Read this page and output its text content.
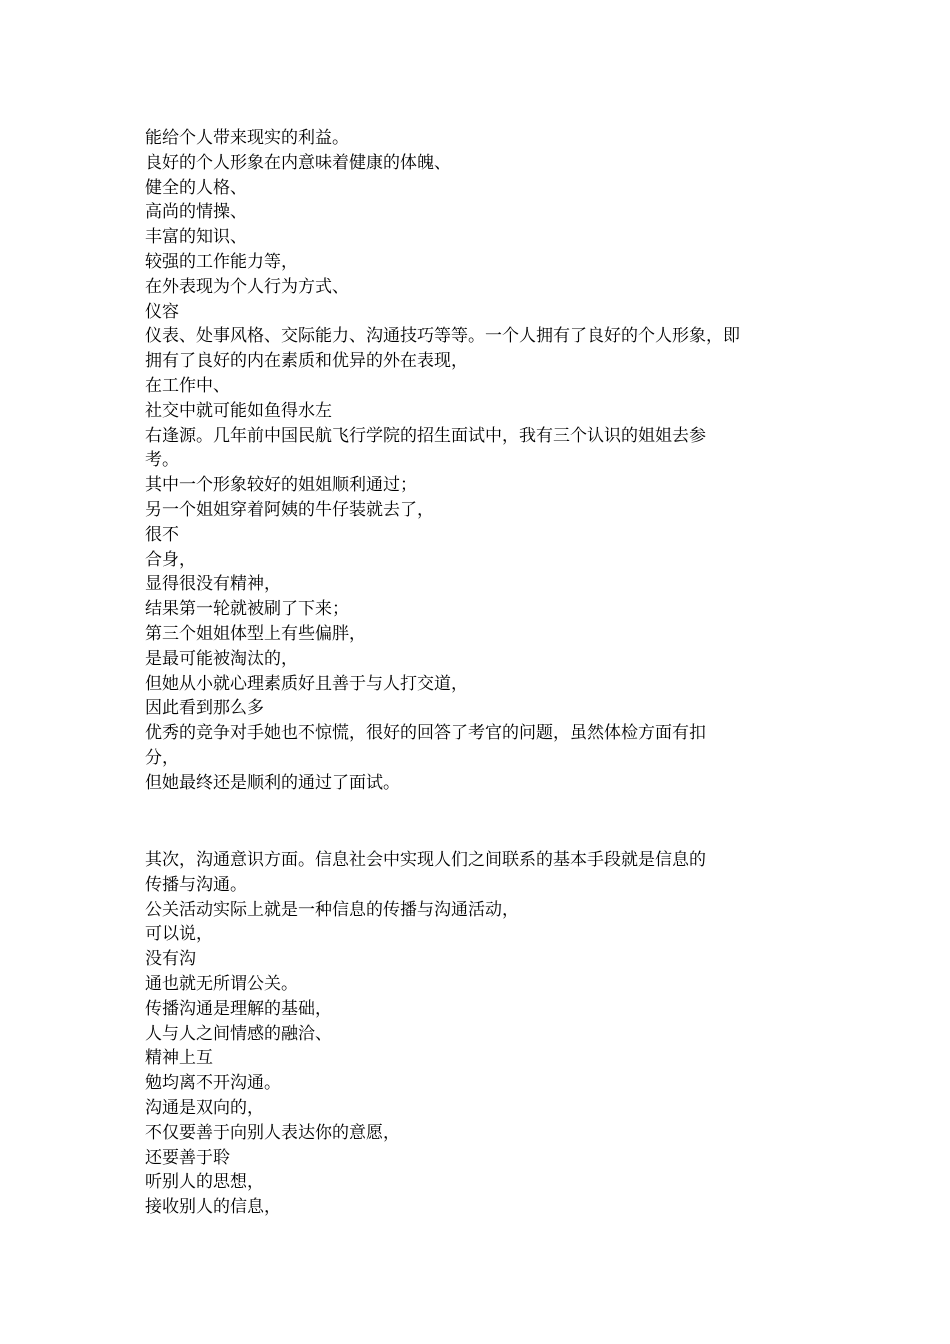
能给个人带来现实的利益。

良好的个人形象在内意味着健康的体魄、

健全的人格、

高尚的情操、

丰富的知识、

较强的工作能力等，

在外表现为个人行为方式、

仪容

仪表、处事风格、交际能力、沟通技巧等等。一个人拥有了良好的个人形象，即

拥有了良好的内在素质和优异的外在表现，

在工作中、

社交中就可能如鱼得水左

右逢源。几年前中国民航飞行学院的招生面试中，我有三个认识的姐姐去参

考。

其中一个形象较好的姐姐顺利通过；

另一个姐姐穿着阿姨的牛仔装就去了，

很不

合身，

显得很没有精神，

结果第一轮就被刷了下来；

第三个姐姐体型上有些偏胖，

是最可能被淘汰的，

但她从小就心理素质好且善于与人打交道，

因此看到那么多

优秀的竞争对手她也不惊慌，很好的回答了考官的问题，虽然体检方面有扣

分，

但她最终还是顺利的通过了面试。

其次，沟通意识方面。信息社会中实现人们之间联系的基本手段就是信息的

传播与沟通。

公关活动实际上就是一种信息的传播与沟通活动，

可以说，

没有沟

通也就无所谓公关。

传播沟通是理解的基础，

人与人之间情感的融洽、

精神上互

勉均离不开沟通。

沟通是双向的，

不仅要善于向别人表达你的意愿，

还要善于聆

听别人的思想，

接收别人的信息，
